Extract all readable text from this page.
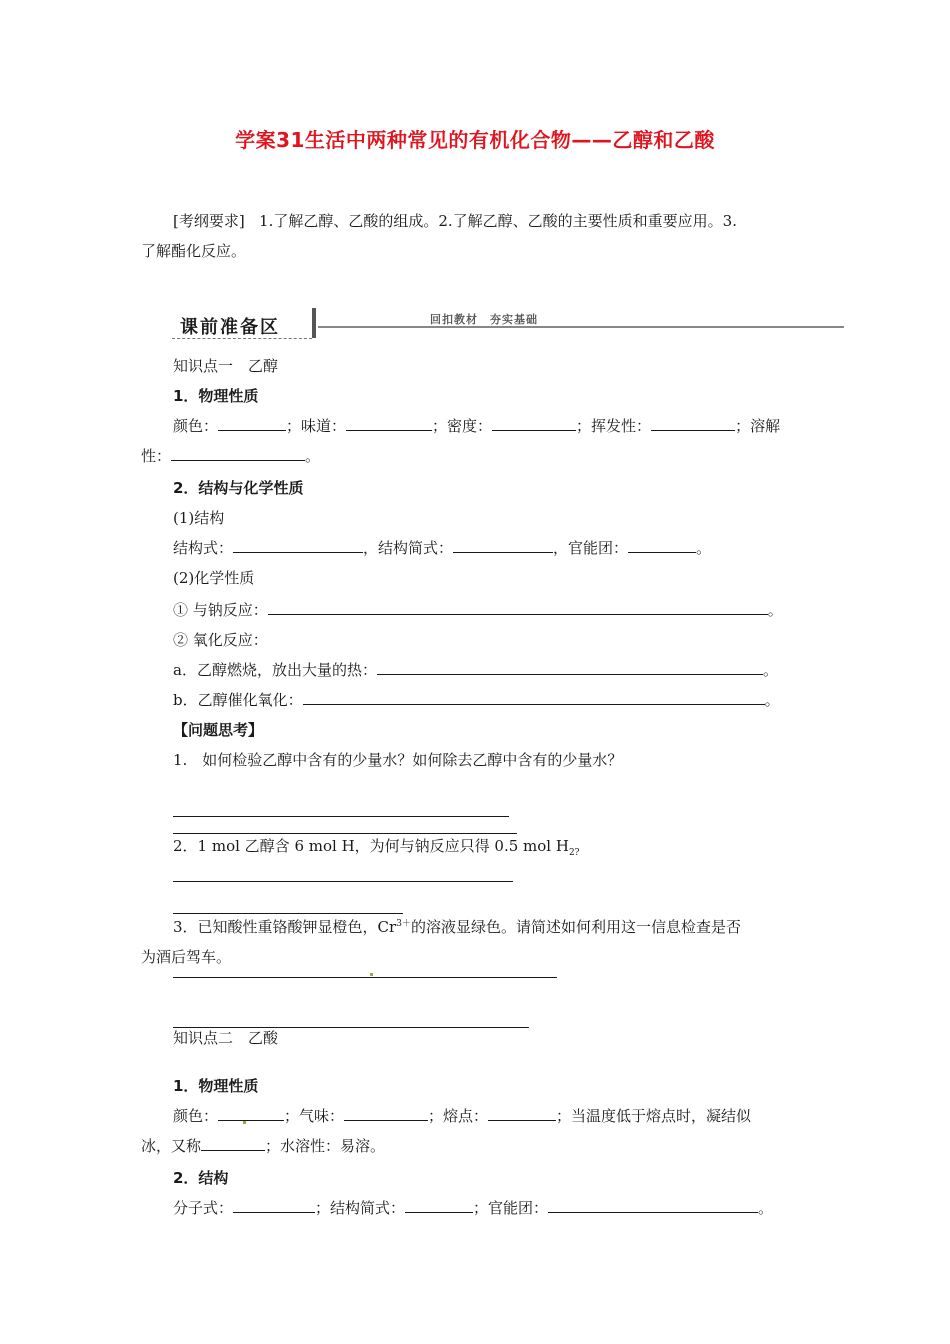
学案31生活中两种常见的有机化合物——乙醇和乙酸
[考纲要求] 1.了解乙醇、乙酸的组成。2.了解乙醇、乙酸的主要性质和重要应用。3.
了解酯化反应。
课前准备区	回扣教材　夯实基础
知识点一　乙醇
1．物理性质
颜色：	；味道：	；密度：	；挥发性：	；溶解
性：	。
2．结构与化学性质
(1)结构
结构式：	，结构简式：	，官能团：	。
(2)化学性质
① 与钠反应：	。
② 氧化反应：
a．乙醇燃烧，放出大量的热：	。
b．乙醇催化氧化：	。
【问题思考】
1.　如何检验乙醇中含有的少量水？如何除去乙醇中含有的少量水？
2．1 mol 乙醇含 6 mol H，为何与钠反应只得 0.5 mol $H_{2?}$
3．已知酸性重铬酸钾显橙色，$Cr^{3+}$的溶液显绿色。请简述如何利用这一信息检查是否
为酒后驾车。
知识点二　乙酸
1．物理性质
颜色：	；气味：	；熔点：	；当温度低于熔点时，凝结似
冰，又称	；水溶性：易溶。
2．结构
分子式：	；结构简式：	；官能团：	。
